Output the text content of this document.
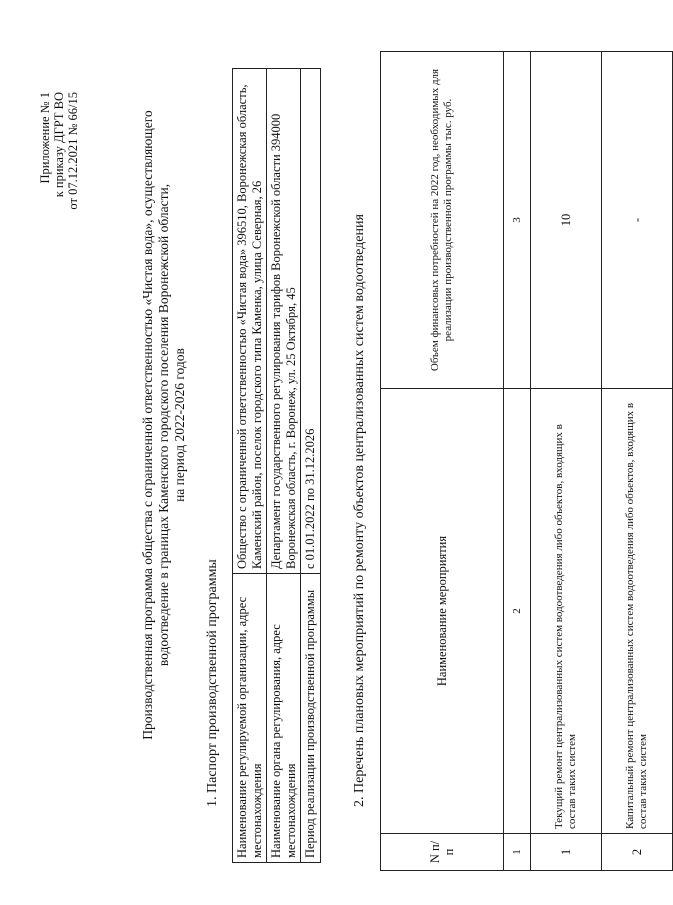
Приложение № 1 к приказу ДГРТ ВО от 07.12.2021 № 66/15	Производственная программа общества с ограниченной ответственностью «Чистая вода», осуществляющего водоотведение в границах Каменского городского поселения Воронежской области, на период 2022-2026 годов
1. Паспорт производственной программы Наименование регулируемой организации, адрес местонахождения	Общество с ограниченной ответственностью «Чистая вода» 396510, Воронежская область, Каменский район, поселок городского типа Каменка, улица Северная, 26
Наименование органа регулирования, адрес местонахождения	Департамент государственного регулирования тарифов Воронежской области 394000 Воронежская область, г. Воронеж, ул. 25 Октября, 45
Период реализации производственной программы	с 01.01.2022 по 31.12.2026	2. Перечень плановых мероприятий по ремонту объектов централизованных систем водоотведения
N п/п	Наименование мероприятия	Объем финансовых потребностей на 2022 год, необходимых для реализации производственной программы тыс. руб.
1	2	3
1	Текущий ремонт централизованных систем водоотведения либо объектов, входящих в состав таких систем	10
2	Капитальный ремонт централизованных систем водоотведения либо объектов, входящих в состав таких систем	-
